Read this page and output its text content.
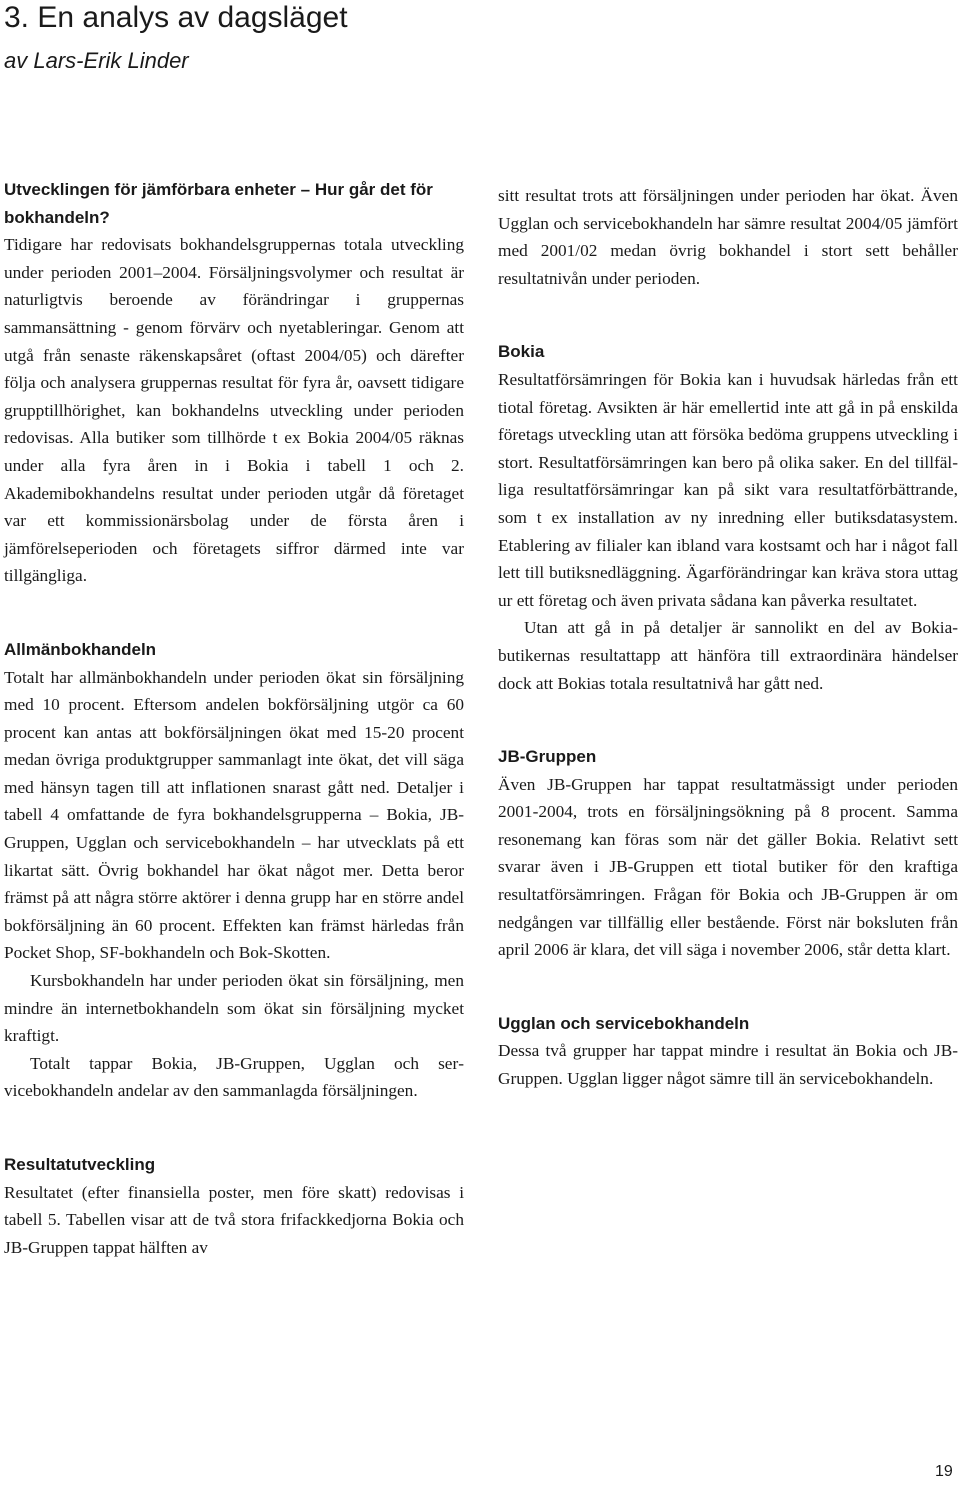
3. En analys av dagsläget
av Lars-Erik Linder
Utvecklingen för jämförbara enheter – Hur går det för bokhandeln?

Tidigare har redovisats bokhandelsgruppernas totala utveckling under perioden 2001–2004. Försäljningsvolymer och resultat är naturligtvis beroende av förändringar i gruppernas sammansättning - genom förvärv och nyetableringar. Genom att utgå från senaste räkenskapsåret (oftast 2004/05) och därefter följa och analysera gruppernas resultat för fyra år, oavsett tidigare grupptillhörighet, kan bokhandelns utveckling under perioden redovisas. Alla butiker som tillhörde t ex Bokia 2004/05 räknas under alla fyra åren in i Bokia i tabell 1 och 2. Akademibokhandelns resultat under perioden utgår då företaget var ett kommissionärsbolag under de första åren i jämförelseperioden och företagets siffror därmed inte var tillgängliga.

Allmänbokhandeln

Totalt har allmänbokhandeln under perioden ökat sin försäljning med 10 procent. Eftersom andelen bokförsäljning utgör ca 60 procent kan antas att bokförsäljningen ökat med 15-20 procent medan övriga produktgrupper sammanlagt inte ökat, det vill säga med hänsyn tagen till att inflationen snarast gått ned. Detaljer i tabell 4 omfattande de fyra bokhandelsgrupperna – Bokia, JB-Gruppen, Ugglan och servicebokhandeln – har utvecklats på ett likartat sätt. Övrig bokhandel har ökat något mer. Detta beror främst på att några större aktörer i denna grupp har en större andel bokförsäljning än 60 procent. Effekten kan främst härledas från Pocket Shop, SF-bokhandeln och Bok-Skotten.

Kursbokhandeln har under perioden ökat sin försäljning, men mindre än internetbokhandeln som ökat sin försäljning mycket kraftigt.

Totalt tappar Bokia, JB-Gruppen, Ugglan och servicebokhandeln andelar av den sammanlagda försäljningen.

Resultatutveckling

Resultatet (efter finansiella poster, men före skatt) redovisas i tabell 5. Tabellen visar att de två stora frifackkedjorna Bokia och JB-Gruppen tappat hälften av

sitt resultat trots att försäljningen under perioden har ökat. Även Ugglan och servicebokhandeln har sämre resultat 2004/05 jämfört med 2001/02 medan övrig bokhandel i stort sett behåller resultatnivån under perioden.

Bokia

Resultatförsämringen för Bokia kan i huvudsak härledas från ett tiotal företag. Avsikten är här emellertid inte att gå in på enskilda företags utveckling utan att försöka bedöma gruppens utveckling i stort. Resultatförsämringen kan bero på olika saker. En del tillfälliga resultatförsämringar kan på sikt vara resultatförbättrande, som t ex installation av ny inredning eller butiksdatasystem. Etablering av filialer kan ibland vara kostsamt och har i något fall lett till butiksnedläggning. Ägarförändringar kan kräva stora uttag ur ett företag och även privata sådana kan påverka resultatet.

Utan att gå in på detaljer är sannolikt en del av Bokia-butikernas resultattapp att hänföra till extraordinära händelser dock att Bokias totala resultatnivå har gått ned.

JB-Gruppen

Även JB-Gruppen har tappat resultatmässigt under perioden 2001-2004, trots en försäljningsökning på 8 procent. Samma resonemang kan föras som när det gäller Bokia. Relativt sett svarar även i JB-Gruppen ett tiotal butiker för den kraftiga resultatförsämringen. Frågan för Bokia och JB-Gruppen är om nedgången var tillfällig eller bestående. Först när boksluten från april 2006 är klara, det vill säga i november 2006, står detta klart.

Ugglan och servicebokhandeln

Dessa två grupper har tappat mindre i resultat än Bokia och JB-Gruppen. Ugglan ligger något sämre till än servicebokhandeln.

19
